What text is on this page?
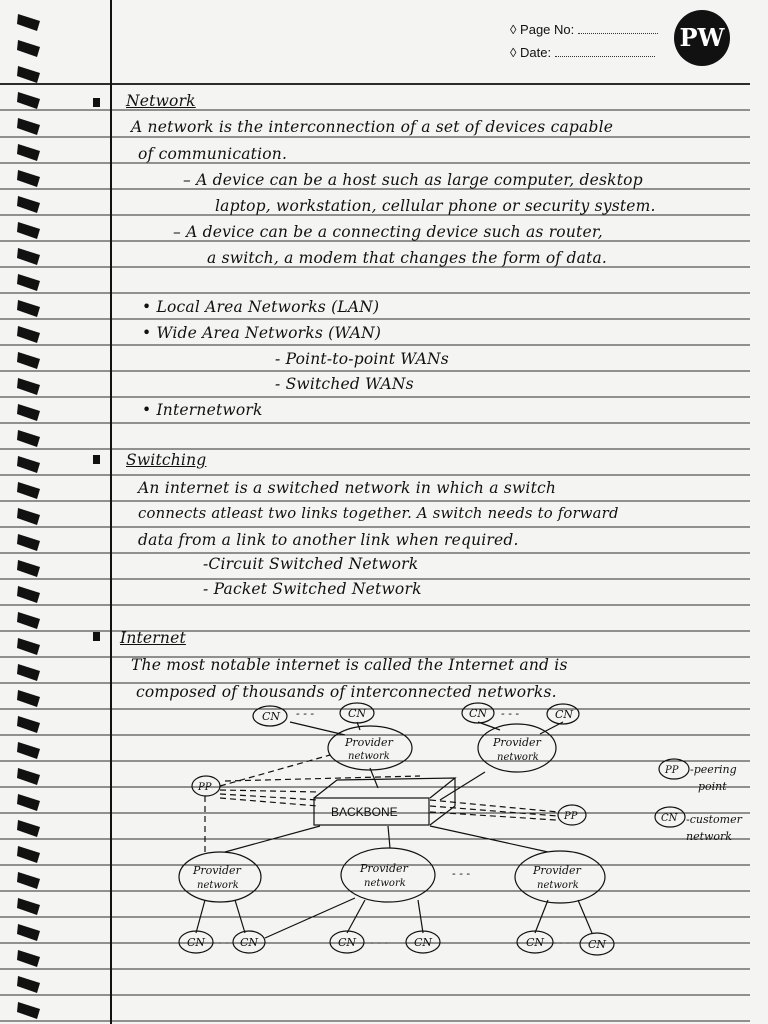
◊ Page No:
◊ Date:
PW
Network
A network is the interconnection of a set of devices capable
of communication.
– A device can be a host such as large computer, desktop
laptop, workstation, cellular phone or security system.
– A device can be a connecting device such as router,
a switch, a modem that changes the form of data.
• Local Area Networks (LAN)
• Wide Area Networks (WAN)
- Point-to-point WANs
- Switched WANs
• Internetwork
Switching
An internet is a switched network in which a switch
connects atleast two links together. A switch needs to forward
data from a link to another link when required.
-Circuit Switched Network
- Packet Switched Network
Internet
The most notable internet is called the Internet and is
composed of thousands of interconnected networks.
CN	CN	CN	CN
CN	CN	CN	CN	CN	CN
- - -	- - -
- - -	- - -	- - -
- - -
PP
PP
Provider
network
Provider
network
Provider
network
Provider
network
Provider
network
BACKBONE
PP -peering
point
CN -customer
network
